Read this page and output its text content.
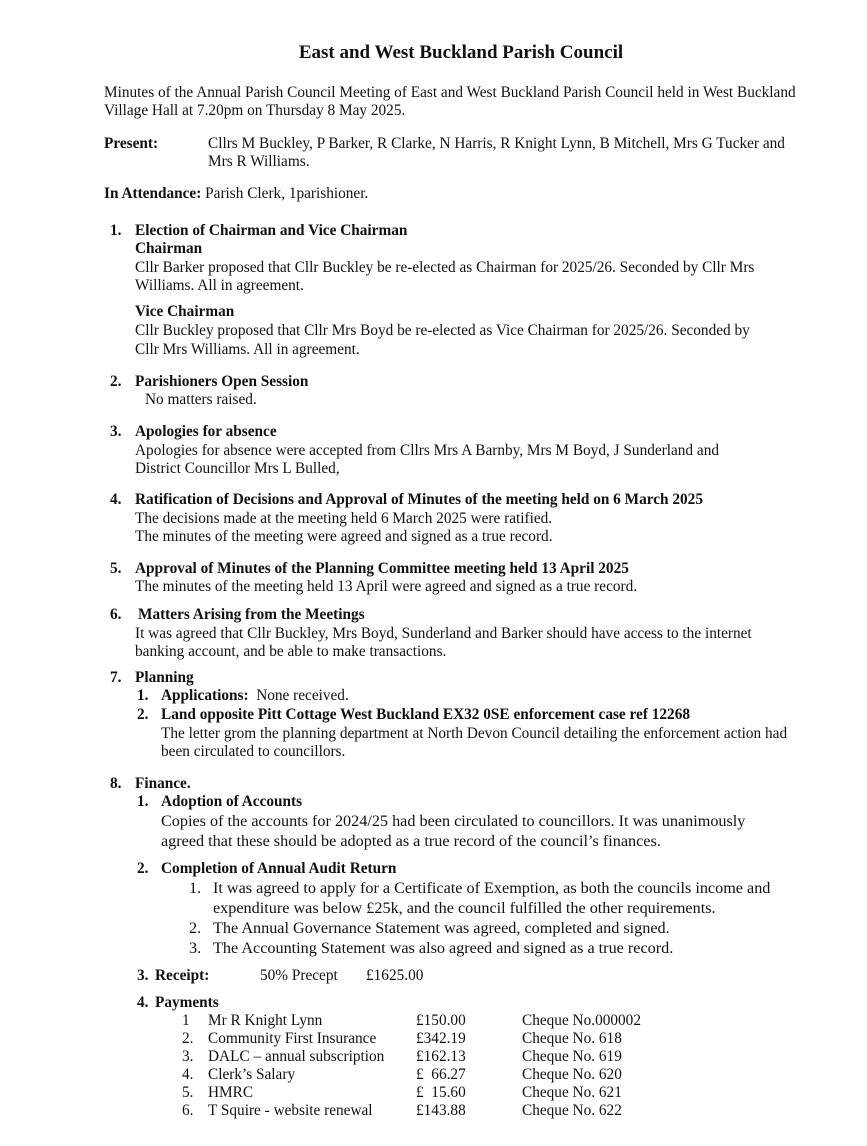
East and West Buckland Parish Council
Minutes of the Annual Parish Council Meeting of East and West Buckland Parish Council held in West Buckland Village Hall at 7.20pm on Thursday 8 May 2025.
Present:	Cllrs M Buckley, P Barker, R Clarke, N Harris, R Knight Lynn, B Mitchell, Mrs G Tucker and
Mrs R Williams.
In Attendance: Parish Clerk, 1parishioner.
1. Election of Chairman and Vice Chairman
Chairman
Cllr Barker proposed that Cllr Buckley be re-elected as Chairman for 2025/26. Seconded by Cllr Mrs
Williams. All in agreement.
Vice Chairman
Cllr Buckley proposed that Cllr Mrs Boyd be re-elected as Vice Chairman for 2025/26. Seconded by
Cllr Mrs Williams. All in agreement.
2. Parishioners Open Session
No matters raised.
3. Apologies for absence
Apologies for absence were accepted from Cllrs Mrs A Barnby, Mrs M Boyd, J Sunderland and
District Councillor Mrs L Bulled,
4. Ratification of Decisions and Approval of Minutes of the meeting held on 6 March 2025
The decisions made at the meeting held 6 March 2025 were ratified.
The minutes of the meeting were agreed and signed as a true record.
5. Approval of Minutes of the Planning Committee meeting held 13 April 2025
The minutes of the meeting held 13 April were agreed and signed as a true record.
6. Matters Arising from the Meetings
It was agreed that Cllr Buckley, Mrs Boyd, Sunderland and Barker should have access to the internet
banking account, and be able to make transactions.
7. Planning
1. Applications: None received.
2. Land opposite Pitt Cottage West Buckland EX32 0SE enforcement case ref 12268
The letter grom the planning department at North Devon Council detailing the enforcement action had
been circulated to councillors.
8. Finance.
1. Adoption of Accounts
Copies of the accounts for 2024/25 had been circulated to councillors. It was unanimously
agreed that these should be adopted as a true record of the council’s finances.
2. Completion of Annual Audit Return
1. It was agreed to apply for a Certificate of Exemption, as both the councils income and
expenditure was below £25k, and the council fulfilled the other requirements.
2. The Annual Governance Statement was agreed, completed and signed.
3. The Accounting Statement was also agreed and signed as a true record.
3. Receipt:	50% Precept £1625.00
4. Payments
1 Mr R Knight Lynn	£150.00	Cheque No.000002
2. Community First Insurance	£342.19	Cheque No. 618
3. DALC – annual subscription £162.13	Cheque No. 619
4. Clerk’s Salary	£  66.27	Cheque No. 620
5. HMRC	£  15.60	Cheque No. 621
6. T Squire - website renewal	£143.88	Cheque No. 622
